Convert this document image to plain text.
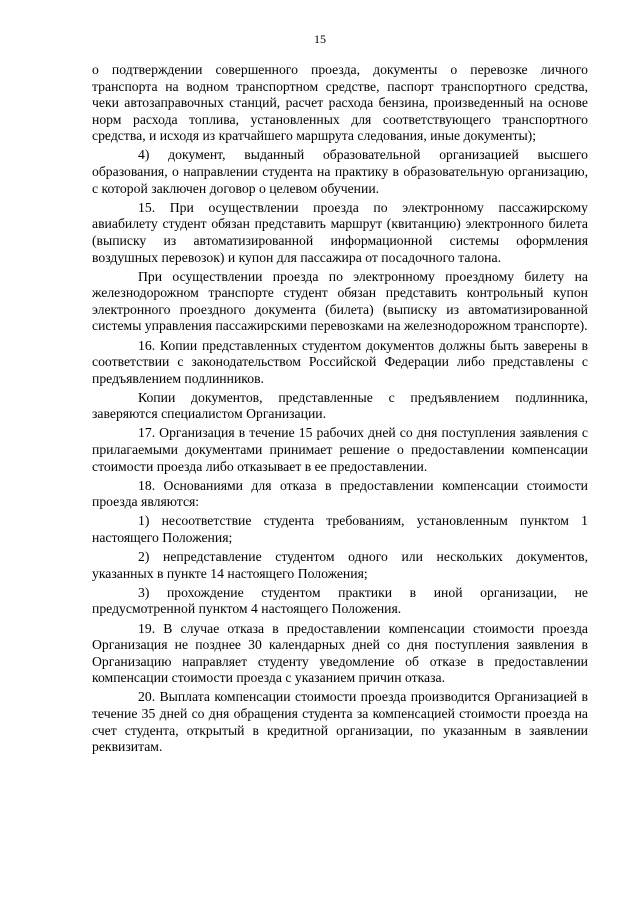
15

о подтверждении совершенного проезда, документы о перевозке личного транспорта на водном транспортном средстве, паспорт транспортного средства, чеки автозаправочных станций, расчет расхода бензина, произведенный на основе норм расхода топлива, установленных для соответствующего транспортного средства, и исходя из кратчайшего маршрута следования, иные документы);

4) документ, выданный образовательной организацией высшего образования, о направлении студента на практику в образовательную организацию, с которой заключен договор о целевом обучении.

15. При осуществлении проезда по электронному пассажирскому авиабилету студент обязан представить маршрут (квитанцию) электронного билета (выписку из автоматизированной информационной системы оформления воздушных перевозок) и купон для пассажира от посадочного талона.

При осуществлении проезда по электронному проездному билету на железнодорожном транспорте студент обязан представить контрольный купон электронного проездного документа (билета) (выписку из автоматизированной системы управления пассажирскими перевозками на железнодорожном транспорте).

16. Копии представленных студентом документов должны быть заверены в соответствии с законодательством Российской Федерации либо представлены с предъявлением подлинников.

Копии документов, представленные с предъявлением подлинника, заверяются специалистом Организации.

17. Организация в течение 15 рабочих дней со дня поступления заявления с прилагаемыми документами принимает решение о предоставлении компенсации стоимости проезда либо отказывает в ее предоставлении.

18. Основаниями для отказа в предоставлении компенсации стоимости проезда являются:

1) несоответствие студента требованиям, установленным пунктом 1 настоящего Положения;

2) непредставление студентом одного или нескольких документов, указанных в пункте 14 настоящего Положения;

3) прохождение студентом практики в иной организации, не предусмотренной пунктом 4 настоящего Положения.

19. В случае отказа в предоставлении компенсации стоимости проезда Организация не позднее 30 календарных дней со дня поступления заявления в Организацию направляет студенту уведомление об отказе в предоставлении компенсации стоимости проезда с указанием причин отказа.

20. Выплата компенсации стоимости проезда производится Организацией в течение 35 дней со дня обращения студента за компенсацией стоимости проезда на счет студента, открытый в кредитной организации, по указанным в заявлении реквизитам.
